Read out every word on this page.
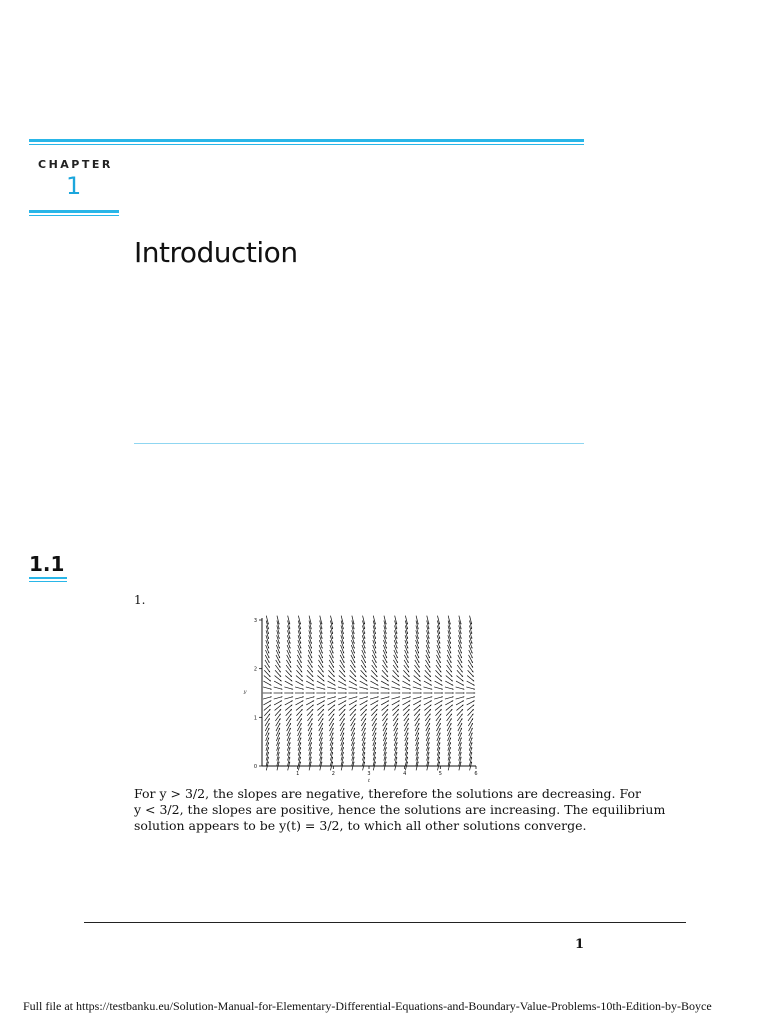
CHAPTER
1
Introduction
1.1
1.
1	2	3	4	5	6
0
1
2
3
t
y
For y > 3/2, the slopes are negative, therefore the solutions are decreasing. For
y < 3/2, the slopes are positive, hence the solutions are increasing. The equilibrium
solution appears to be y(t) = 3/2, to which all other solutions converge.
1
Full file at https://testbanku.eu/Solution-Manual-for-Elementary-Differential-Equations-and-Boundary-Value-Problems-10th-Edition-by-Boyce
